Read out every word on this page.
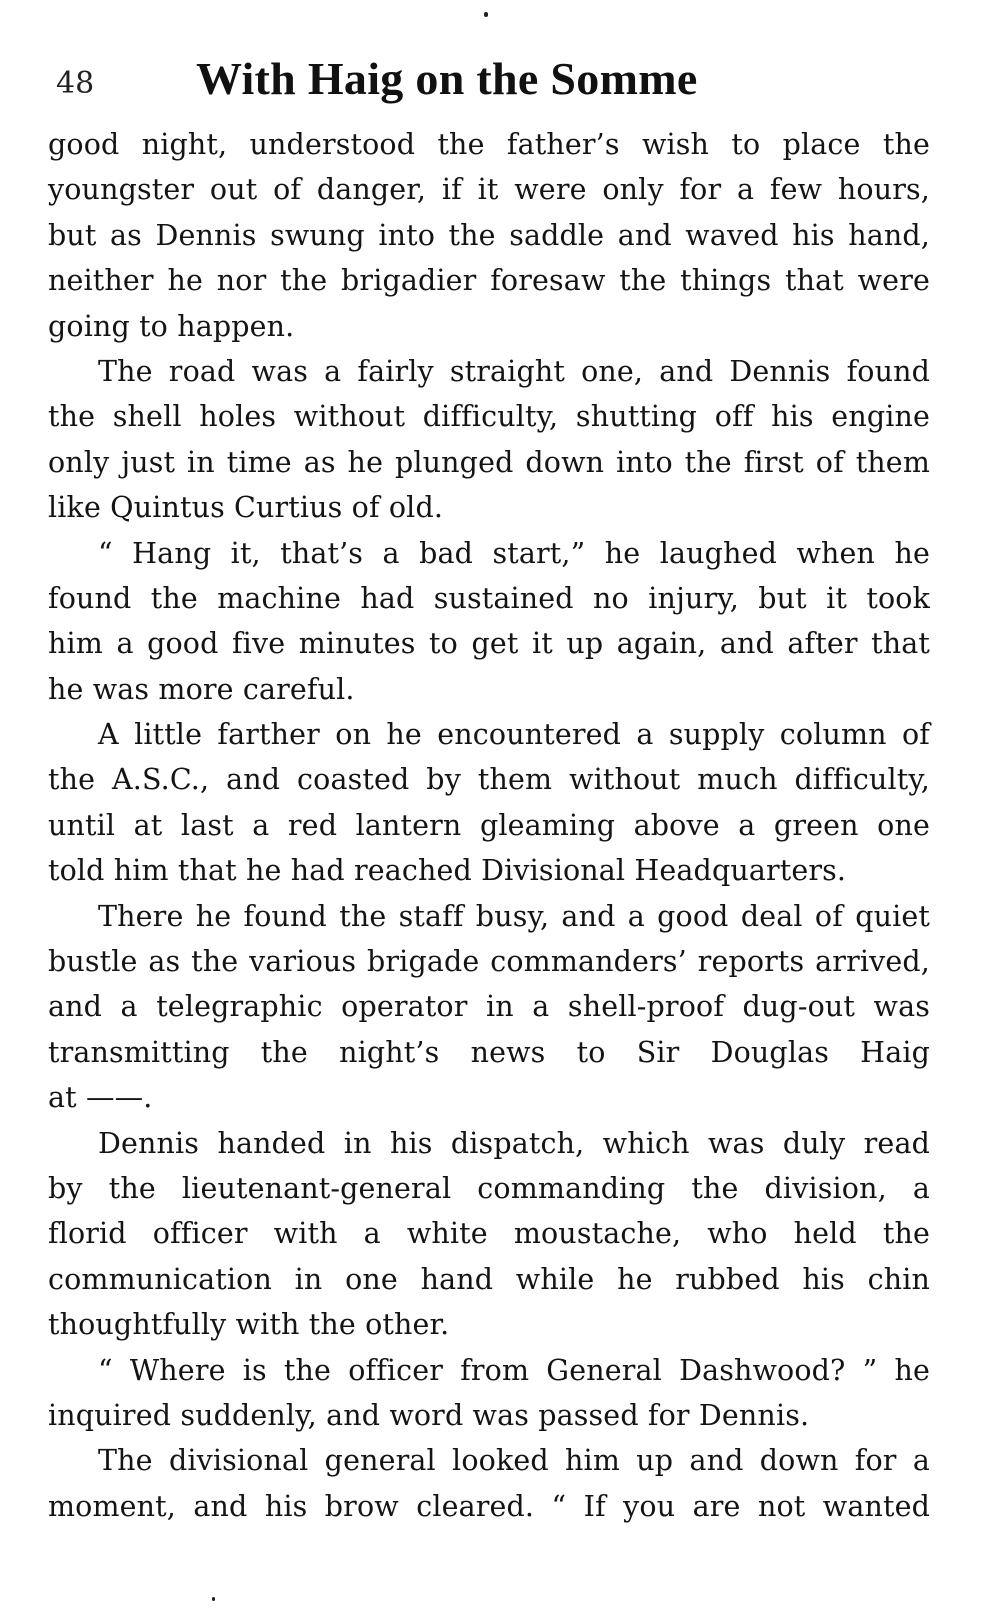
48 With Haig on the Somme
good night, understood the father’s wish to place the
youngster out of danger, if it were only for a few hours,
but as Dennis swung into the saddle and waved his hand,
neither he nor the brigadier foresaw the things that were
going to happen.
The road was a fairly straight one, and Dennis found
the shell holes without difficulty, shutting off his engine
only just in time as he plunged down into the first of them
like Quintus Curtius of old.
“ Hang it, that’s a bad start,” he laughed when he
found the machine had sustained no injury, but it took
him a good five minutes to get it up again, and after that
he was more careful.
A little farther on he encountered a supply column of
the A.S.C., and coasted by them without much difficulty,
until at last a red lantern gleaming above a green one
told him that he had reached Divisional Headquarters.
There he found the staff busy, and a good deal of quiet
bustle as the various brigade commanders’ reports arrived,
and a telegraphic operator in a shell-proof dug-out was
transmitting the night’s news to Sir Douglas Haig
at ——.
Dennis handed in his dispatch, which was duly read
by the lieutenant-general commanding the division, a
florid officer with a white moustache, who held the
communication in one hand while he rubbed his chin
thoughtfully with the other.
“ Where is the officer from General Dashwood? ” he
inquired suddenly, and word was passed for Dennis.
The divisional general looked him up and down for a
moment, and his brow cleared. “ If you are not wanted
